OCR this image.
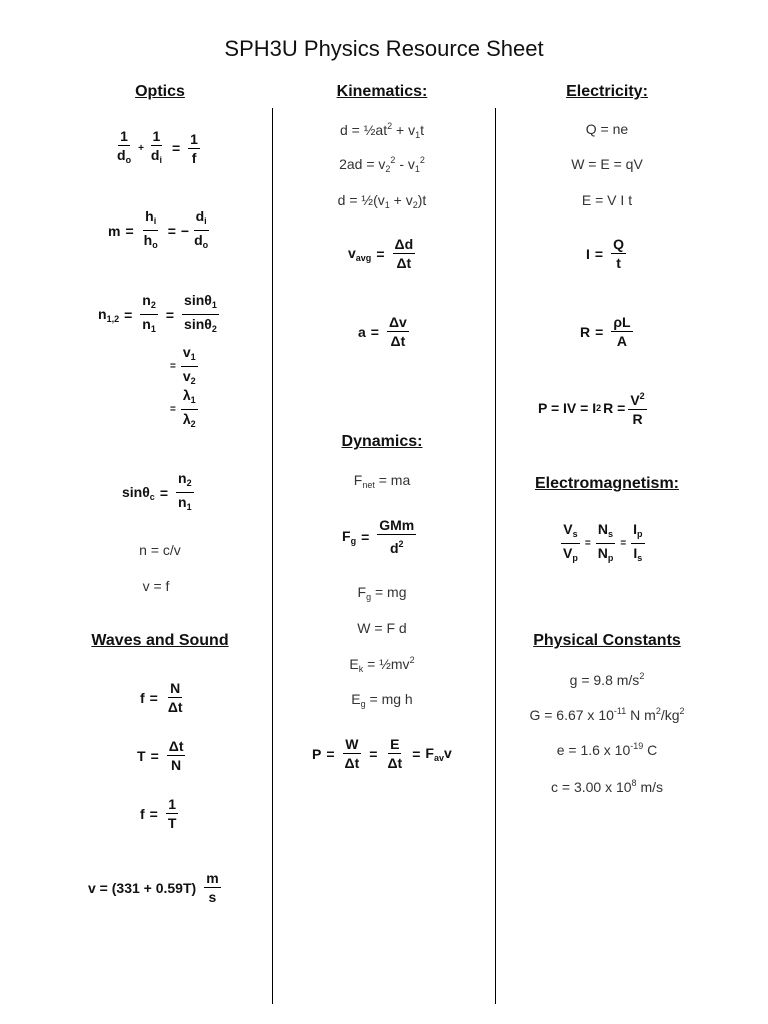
SPH3U Physics Resource Sheet
Optics	Kinematics:	Electricity:
Dynamics:
Waves and Sound
Electromagnetism:
Physical Constants
$\frac{1}{d_o} + \frac{1}{d_i} = \frac{1}{f}$
$m = \frac{h_i}{h_o}$ = − $\frac{d_i}{d_o}$
$n_{1,2} = \frac{n_2}{n_1} = \frac{\sin\theta_1}{\sin\theta_2}$
= $\frac{v_1}{v_2}$
= $\frac{\lambda_1}{\lambda_2}$
$\sin\theta_c = \frac{n_2}{n_1}$
n = c/v
v = f
$d = \frac{1}{2}at^2 + v_1t$
$2ad = v_2^2 - v_1^2$
$d = \frac{1}{2}(v_1 + v_2)t$
$v_{avg} = \frac{\Delta d}{\Delta t}$
$a = \frac{\Delta v}{\Delta t}$
$F_{net}$ = ma
$F_g = \frac{\text{GMm}}{d^2}$
$F_g$ = mg
W = F d
$E_k$ = $\frac{1}{2}mv^2$
$E_g$ = mg h
$P = \frac{W}{\Delta t} = \frac{E}{\Delta t} = F_{av}v$
Q = ne
W = E = qV
E = V I t
$I = \frac{Q}{t}$
$R = \frac{\rho L}{A}$
P = IV = I 2 $R = \frac{V^2}{R}$
$\frac{V_s}{V_p} = \frac{N_s}{N_p} = \frac{I_p}{I_s}$
$f = \frac{N}{\Delta t}$
$T = \frac{\Delta t}{N}$
$f = \frac{1}{T}$
$v = (331 + 0.59T) \frac{m}{s}$
g = 9.8 $m/s^2$
G = 6.67 x $10^{-11}$ N $m^2/kg^2$
e = 1.6 x $10^{-19}$ C
c = 3.00 x $10^8$ m/s
